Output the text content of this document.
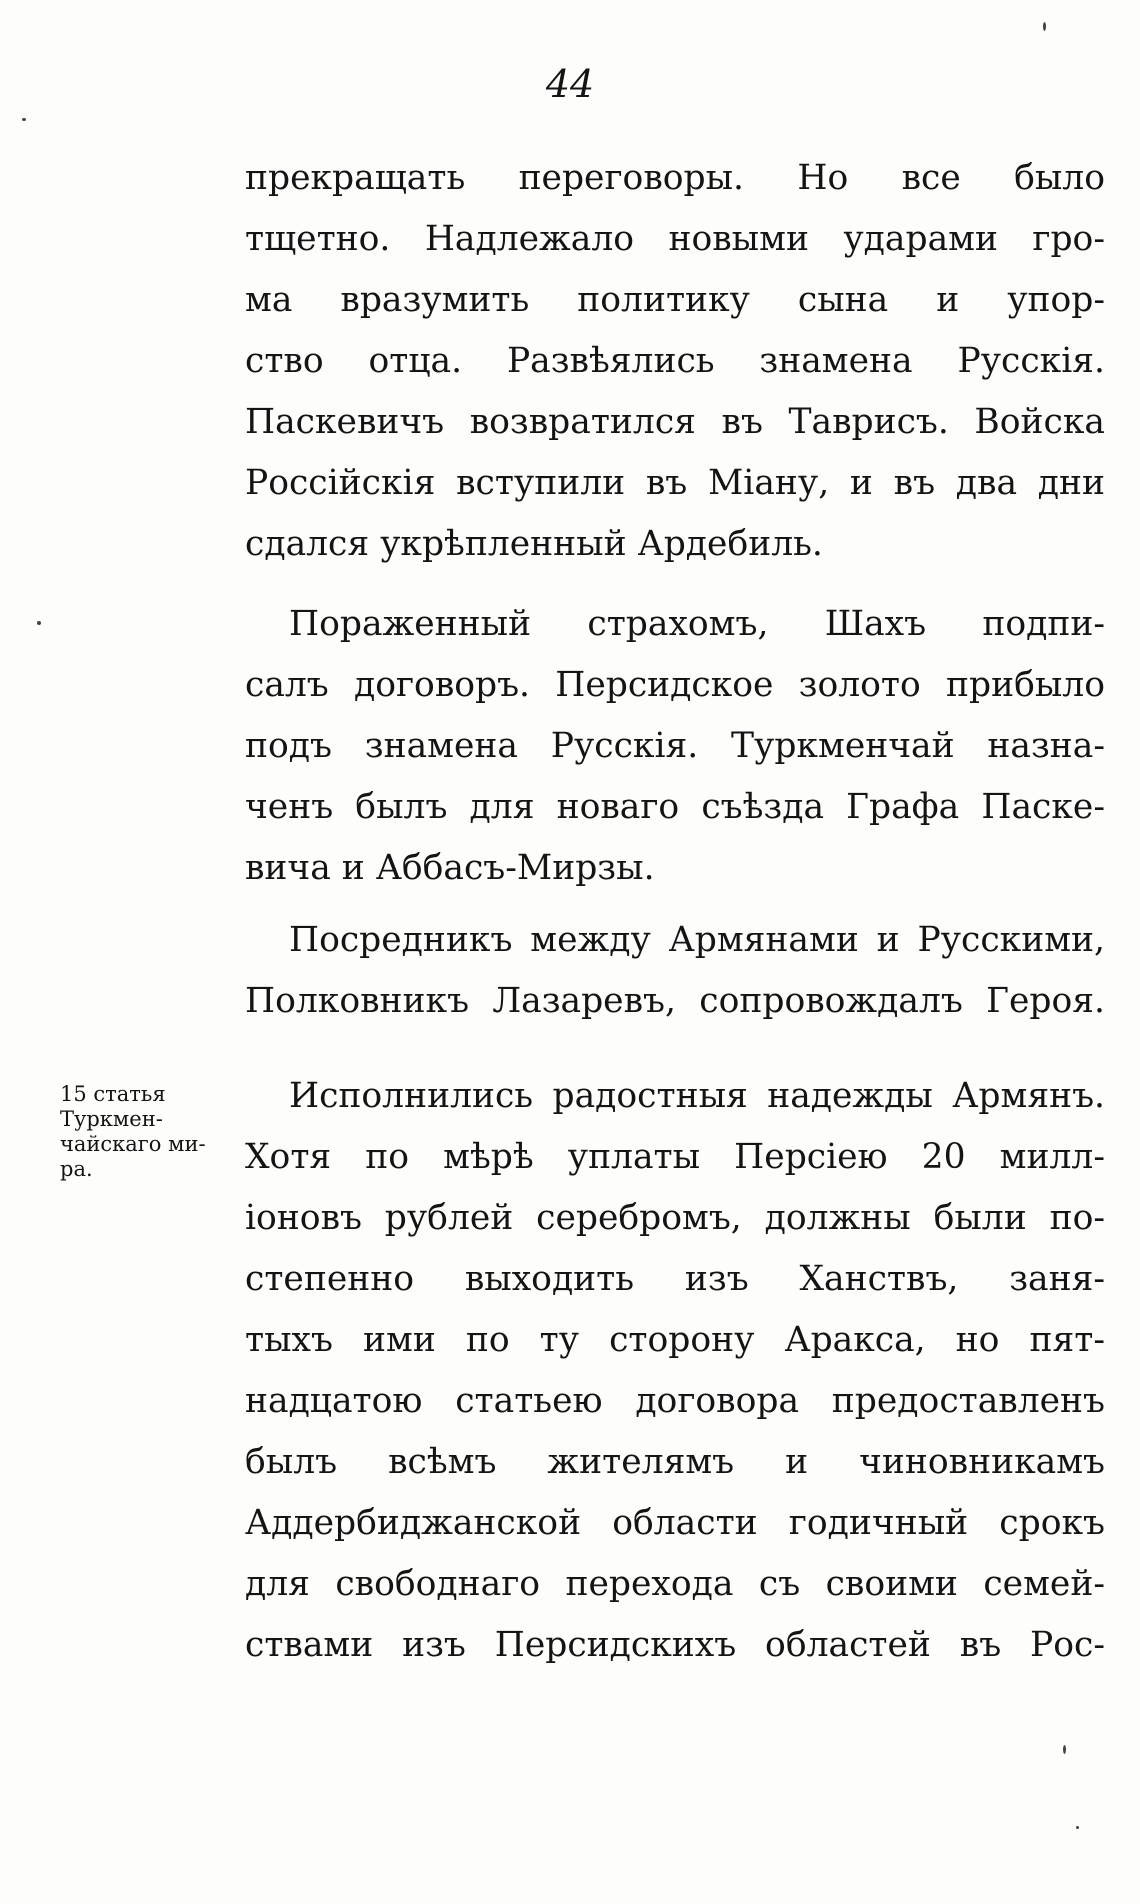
44
прекращать переговоры. Но все было
тщетно. Надлежало новыми ударами гро-
ма вразумить политику сына и упор-
ство отца. Развѣялись знамена Русскія.
Паскевичъ возвратился въ Таврисъ. Войска
Россійскія вступили въ Міану, и въ два дни
сдался укрѣпленный Ардебиль.
Пораженный страхомъ, Шахъ подпи-
салъ договоръ. Персидское золото прибыло
подъ знамена Русскія. Туркменчай назна-
ченъ былъ для новаго съѣзда Графа Паске-
вича и Аббасъ-Мирзы.
Посредникъ между Армянами и Русскими,
Полковникъ Лазаревъ, сопровождалъ Героя.
Исполнились радостныя надежды Армянъ.
Хотя по мѣрѣ уплаты Персіею 20 милл-
іоновъ рублей серебромъ, должны были по-
степенно выходить изъ Ханствъ, заня-
тыхъ ими по ту сторону Аракса, но пят-
надцатою статьею договора предоставленъ
былъ всѣмъ жителямъ и чиновникамъ
Аддербиджанской области годичный срокъ
для свободнаго перехода съ своими семей-
ствами изъ Персидскихъ областей въ Рос-
15 статья
Туркмен-
чайскаго ми-
ра.
